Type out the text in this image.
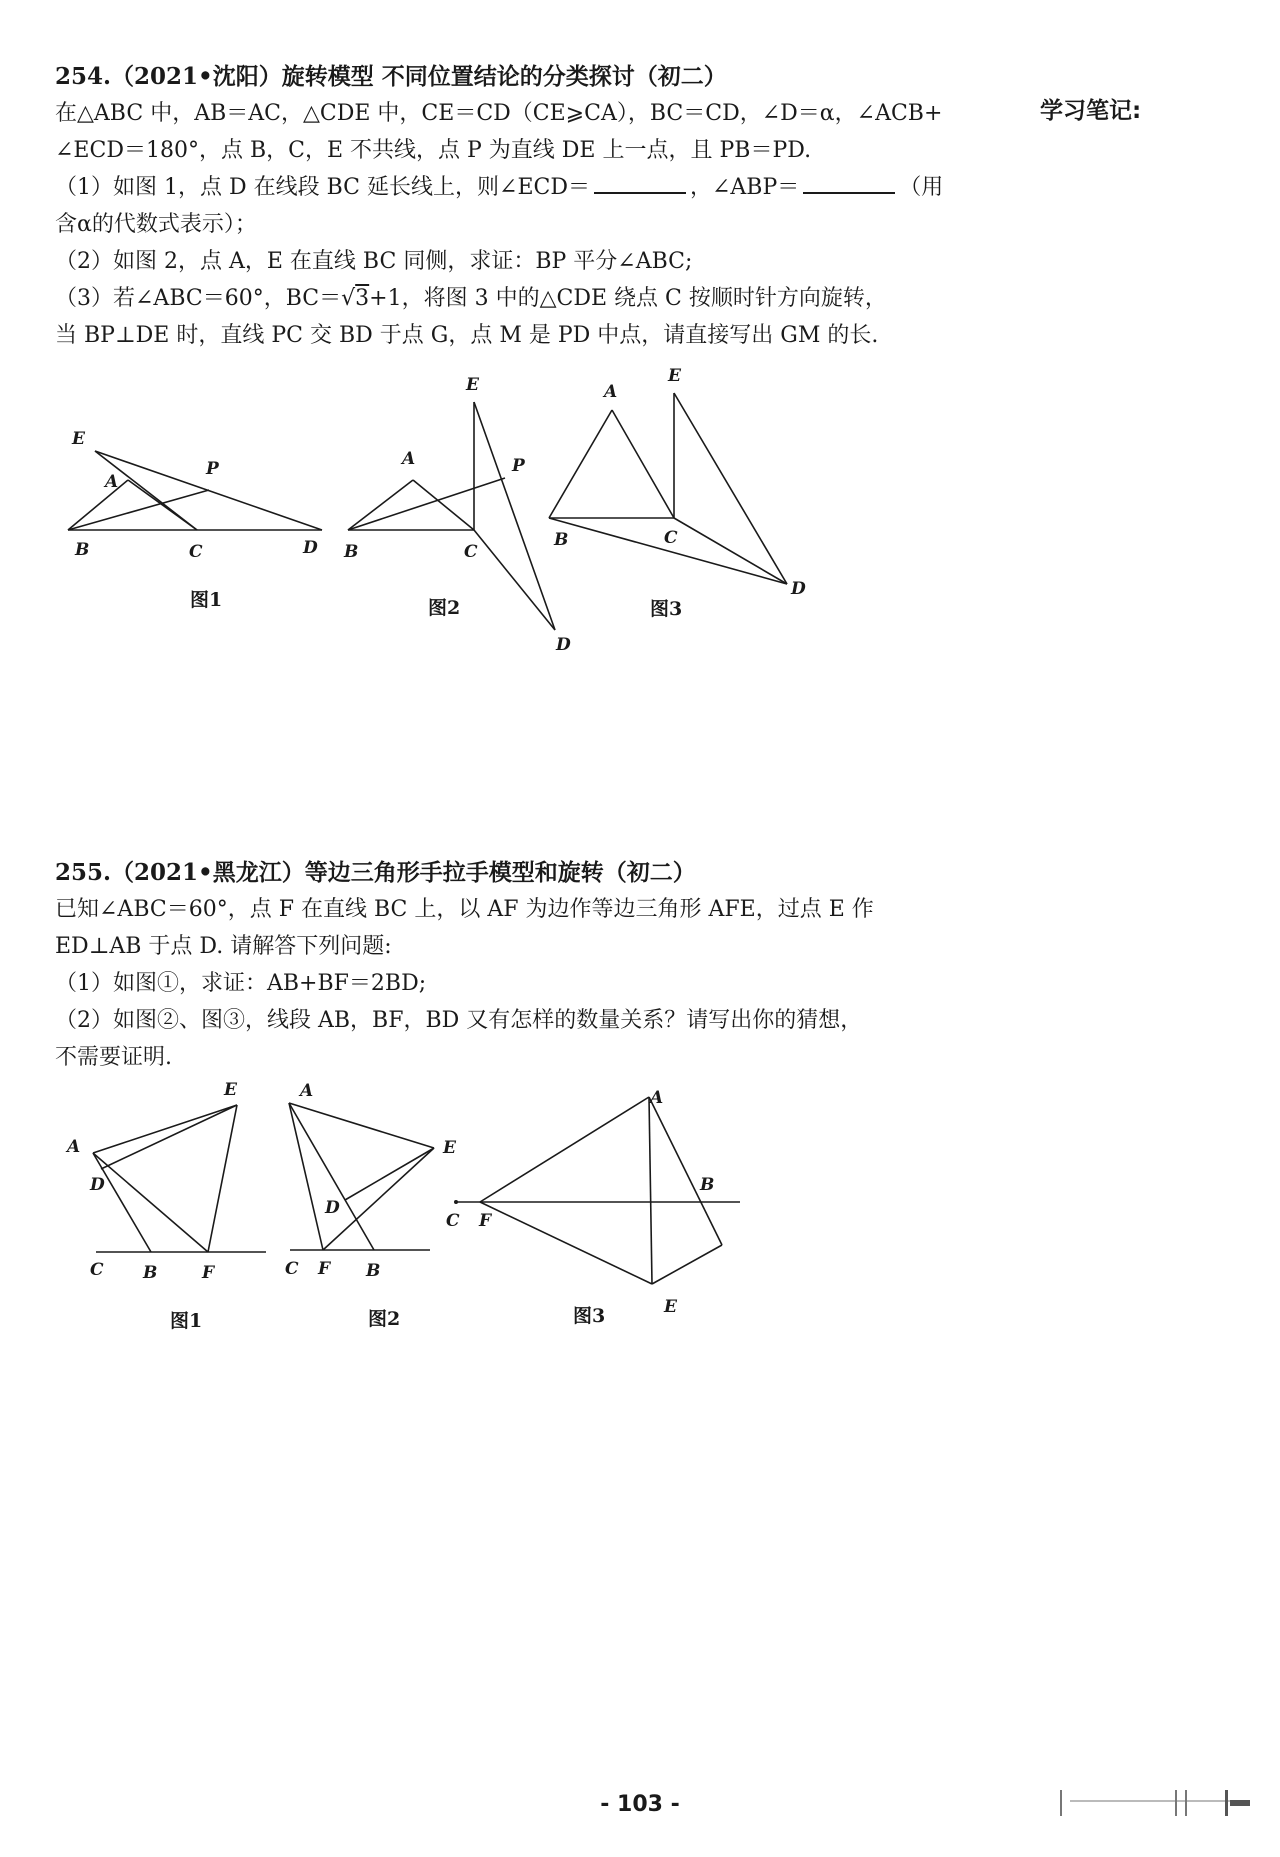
254.（2021•沈阳）旋转模型 不同位置结论的分类探讨（初二）
学习笔记:
在△ABC 中，AB＝AC，△CDE 中，CE＝CD（CE⩾CA），BC＝CD，∠D＝α，∠ACB+
∠ECD＝180°，点 B，C，E 不共线，点 P 为直线 DE 上一点，且 PB＝PD.
（1）如图 1，点 D 在线段 BC 延长线上，则∠ECD＝	，∠ABP＝	（用
含α的代数式表示）；
（2）如图 2，点 A，E 在直线 BC 同侧，求证：BP 平分∠ABC;
（3）若∠ABC＝60°，BC＝√3+1，将图 3 中的△CDE 绕点 C 按顺时针方向旋转，
当 BP⊥DE 时，直线 PC 交 BD 于点 G，点 M 是 PD 中点，请直接写出 GM 的长.
E
A
P
B	C	D
图1
E
A	P
B	C
D
图2
E
A
B	C
D
图3
E
A
D
C B	F
图1
A
E
D
C F B
图2
A
B
C F
E
图3
255.（2021•黑龙江）等边三角形手拉手模型和旋转（初二）
已知∠ABC＝60°，点 F 在直线 BC 上，以 AF 为边作等边三角形 AFE，过点 E 作
ED⊥AB 于点 D. 请解答下列问题:
（1）如图①，求证：AB+BF＝2BD;
（2）如图②、图③，线段 AB，BF，BD 又有怎样的数量关系？请写出你的猜想，
不需要证明.
- 103 -
